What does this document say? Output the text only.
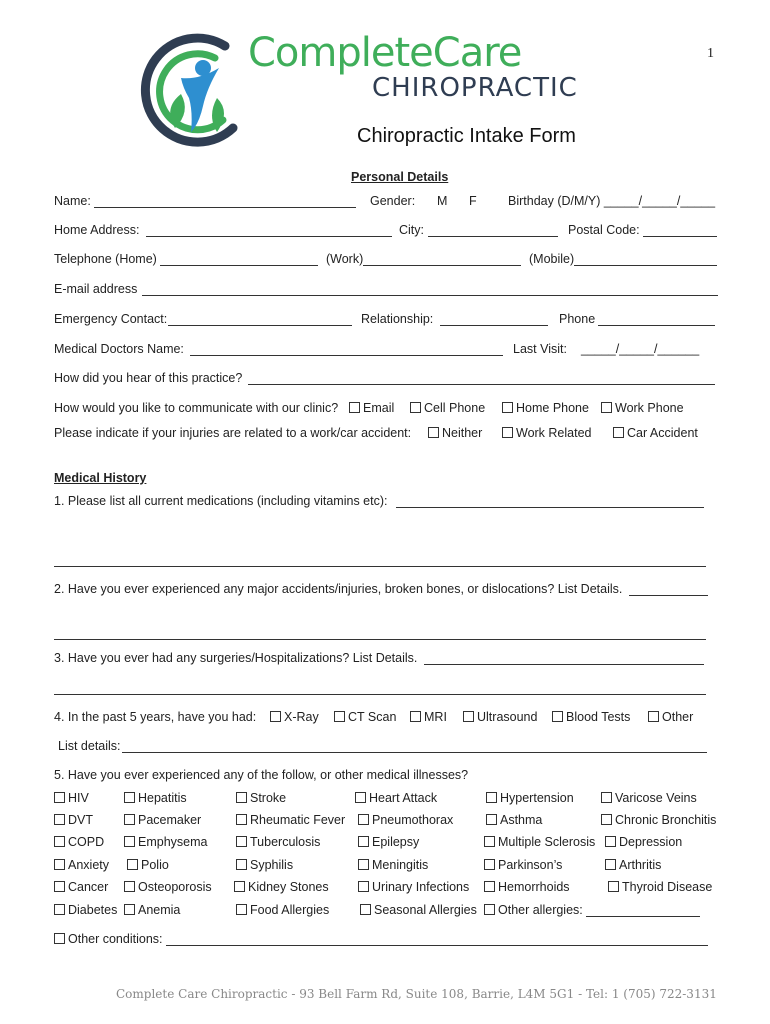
1
CompleteCare
CHIROPRACTIC
Chiropractic Intake Form
Personal Details
Name:	Gender: M F	Birthday (D/M/Y) _____/_____/_____
Home Address:	City:	Postal Code:
Telephone (Home)	(Work)	(Mobile)
E-mail address
Emergency Contact:	Relationship:	Phone
Medical Doctors Name:	Last Visit: _____/_____/______
How did you hear of this practice?
How would you like to communicate with our clinic?	Email	Cell Phone	Home Phone	Work Phone
Please indicate if your injuries are related to a work/car accident:	Neither	Work Related	Car Accident
Medical History
1. Please list all current medications (including vitamins etc):
2. Have you ever experienced any major accidents/injuries, broken bones, or dislocations? List Details.
3. Have you ever had any surgeries/Hospitalizations? List Details.
4. In the past 5 years, have you had:	X-Ray	CT Scan	MRI	Ultrasound	Blood Tests	Other
List details:
5. Have you ever experienced any of the follow, or other medical illnesses?
HIV	Hepatitis	Stroke	Heart Attack	Hypertension	Varicose Veins
DVT	Pacemaker	Rheumatic Fever	Pneumothorax	Asthma	Chronic Bronchitis
COPD	Emphysema	Tuberculosis	Epilepsy	Multiple Sclerosis	Depression
Anxiety	Polio	Syphilis	Meningitis	Parkinson’s	Arthritis
Cancer	Osteoporosis	Kidney Stones	Urinary Infections	Hemorrhoids	Thyroid Disease
Diabetes	Anemia	Food Allergies	Seasonal Allergies	Other allergies:
Other conditions:
Complete Care Chiropractic - 93 Bell Farm Rd, Suite 108, Barrie, L4M 5G1 - Tel: 1 (705) 722-3131
